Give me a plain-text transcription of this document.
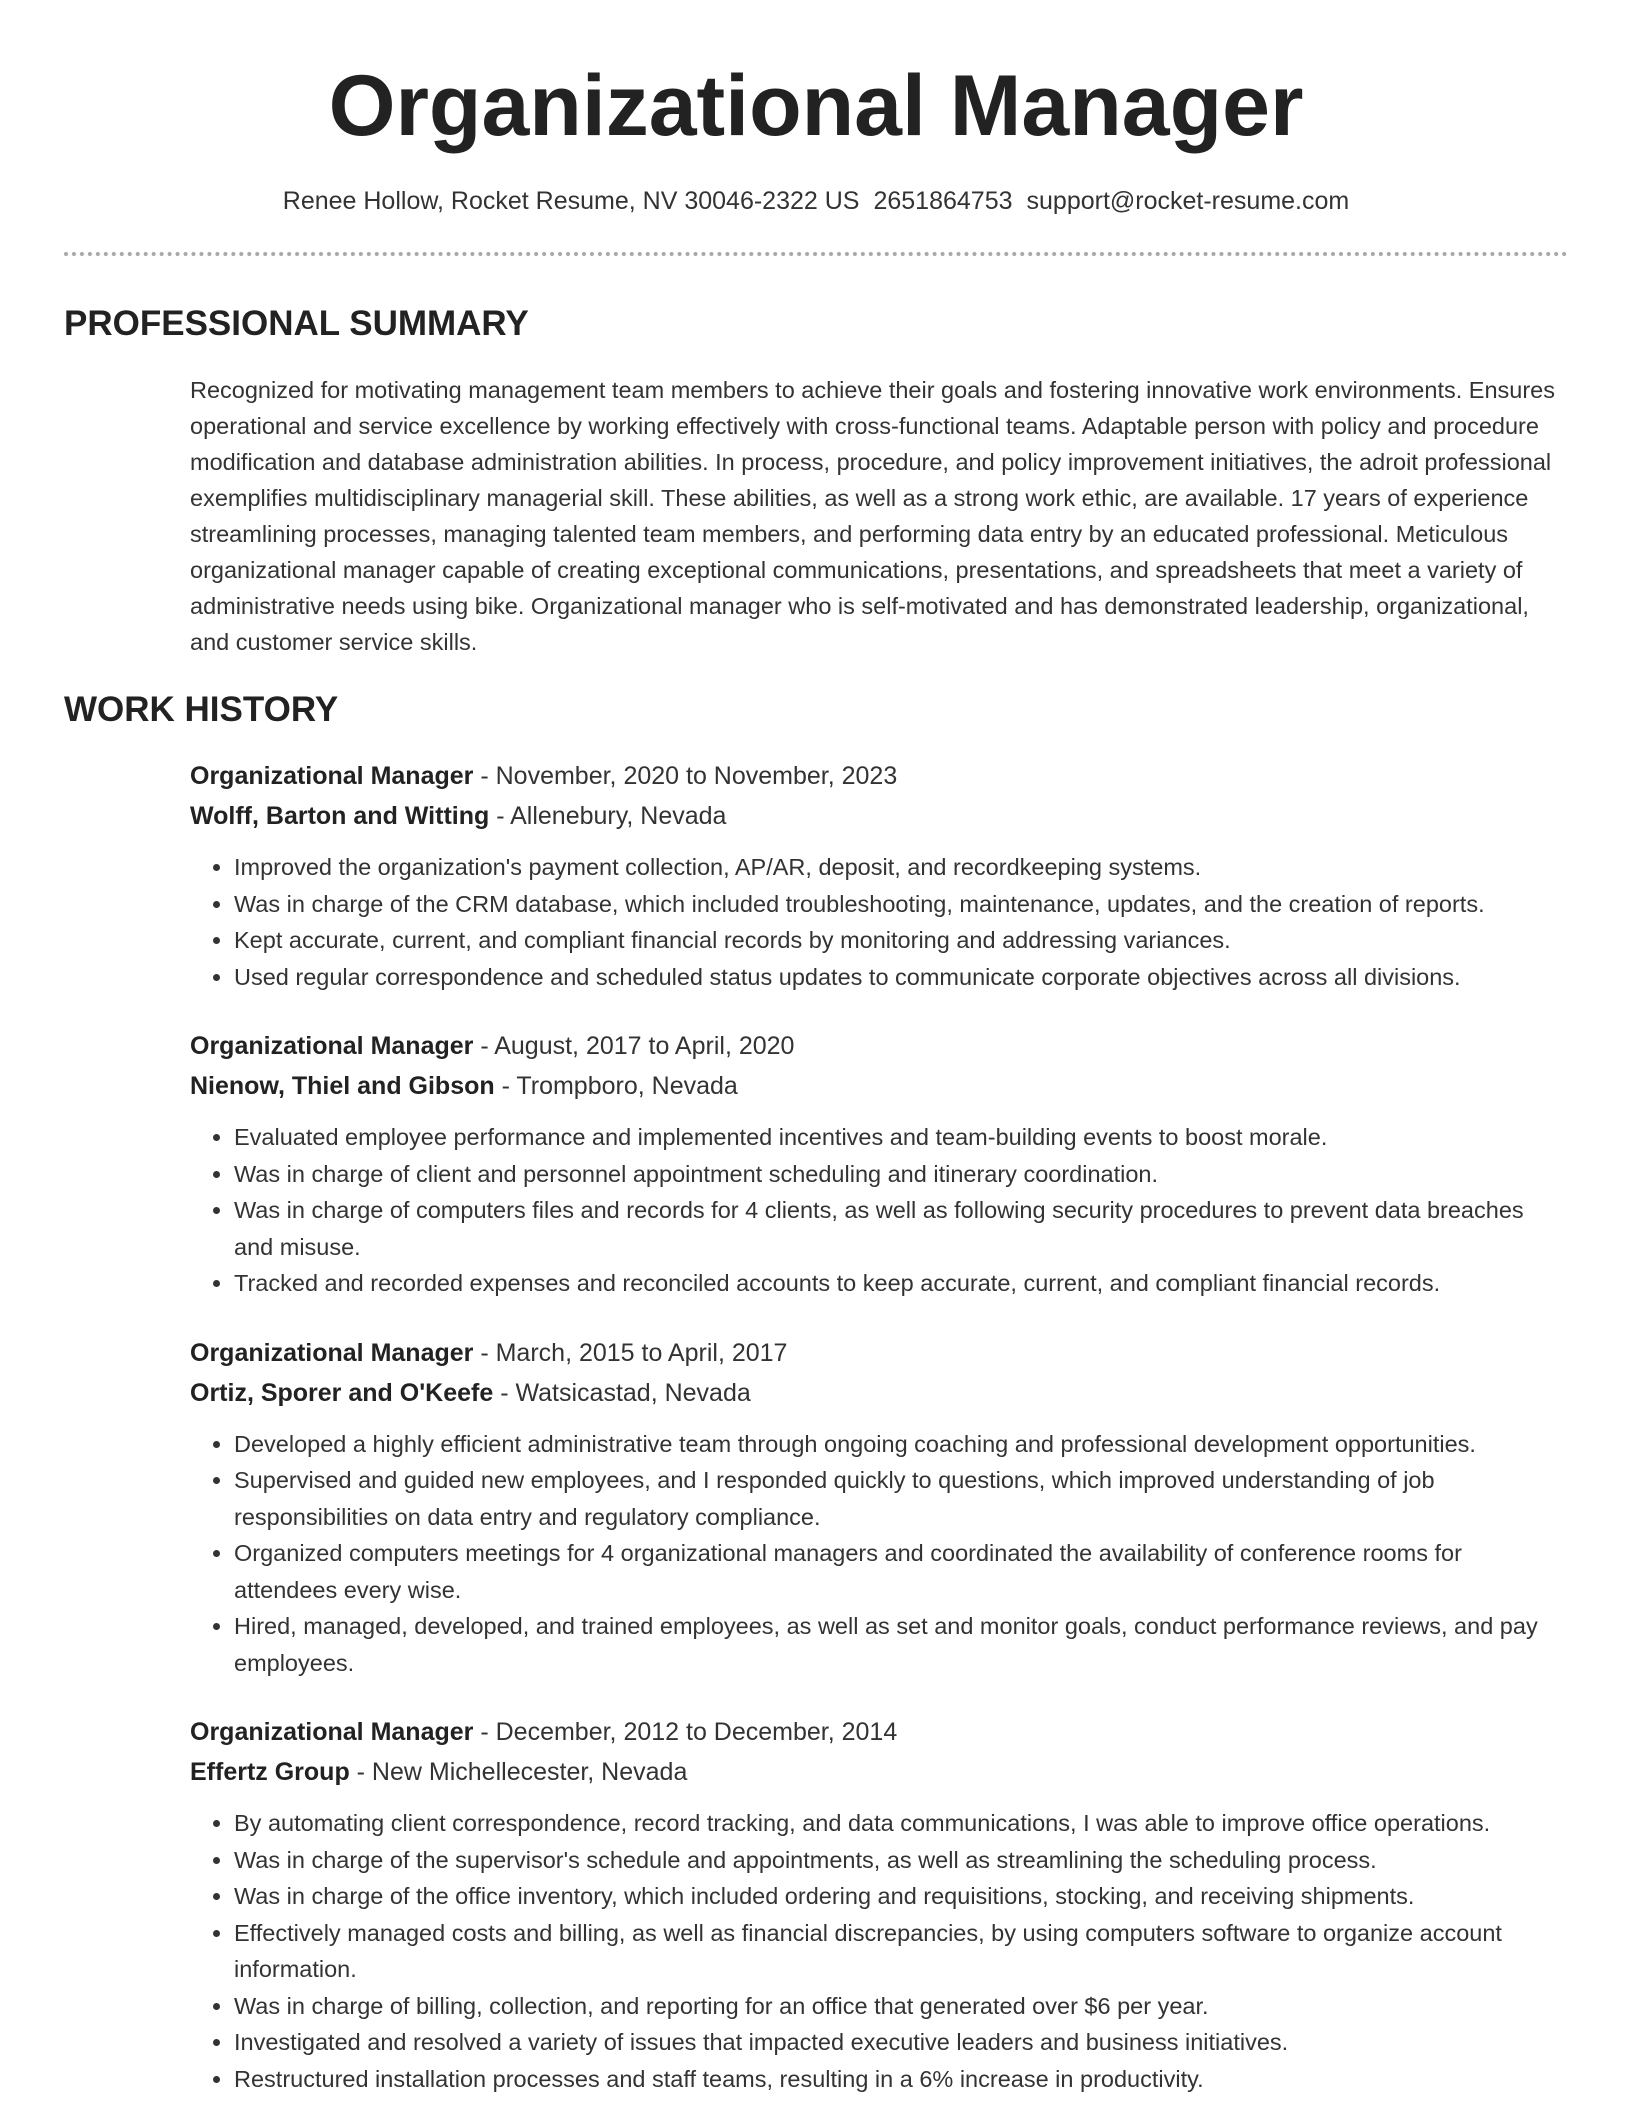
Organizational Manager
Renee Hollow, Rocket Resume, NV 30046-2322 US 2651864753 support@rocket-resume.com
PROFESSIONAL SUMMARY
Recognized for motivating management team members to achieve their goals and fostering innovative work environments. Ensures operational and service excellence by working effectively with cross-functional teams. Adaptable person with policy and procedure modification and database administration abilities. In process, procedure, and policy improvement initiatives, the adroit professional exemplifies multidisciplinary managerial skill. These abilities, as well as a strong work ethic, are available. 17 years of experience streamlining processes, managing talented team members, and performing data entry by an educated professional. Meticulous organizational manager capable of creating exceptional communications, presentations, and spreadsheets that meet a variety of administrative needs using bike. Organizational manager who is self-motivated and has demonstrated leadership, organizational, and customer service skills.
WORK HISTORY
Organizational Manager - November, 2020 to November, 2023
Wolff, Barton and Witting - Allenebury, Nevada
• Improved the organization's payment collection, AP/AR, deposit, and recordkeeping systems.
• Was in charge of the CRM database, which included troubleshooting, maintenance, updates, and the creation of reports.
• Kept accurate, current, and compliant financial records by monitoring and addressing variances.
• Used regular correspondence and scheduled status updates to communicate corporate objectives across all divisions.
Organizational Manager - August, 2017 to April, 2020
Nienow, Thiel and Gibson - Trompboro, Nevada
• Evaluated employee performance and implemented incentives and team-building events to boost morale.
• Was in charge of client and personnel appointment scheduling and itinerary coordination.
• Was in charge of computers files and records for 4 clients, as well as following security procedures to prevent data breaches and misuse.
• Tracked and recorded expenses and reconciled accounts to keep accurate, current, and compliant financial records.
Organizational Manager - March, 2015 to April, 2017
Ortiz, Sporer and O'Keefe - Watsicastad, Nevada
• Developed a highly efficient administrative team through ongoing coaching and professional development opportunities.
• Supervised and guided new employees, and I responded quickly to questions, which improved understanding of job responsibilities on data entry and regulatory compliance.
• Organized computers meetings for 4 organizational managers and coordinated the availability of conference rooms for attendees every wise.
• Hired, managed, developed, and trained employees, as well as set and monitor goals, conduct performance reviews, and pay employees.
Organizational Manager - December, 2012 to December, 2014
Effertz Group - New Michellecester, Nevada
• By automating client correspondence, record tracking, and data communications, I was able to improve office operations.
• Was in charge of the supervisor's schedule and appointments, as well as streamlining the scheduling process.
• Was in charge of the office inventory, which included ordering and requisitions, stocking, and receiving shipments.
• Effectively managed costs and billing, as well as financial discrepancies, by using computers software to organize account information.
• Was in charge of billing, collection, and reporting for an office that generated over $6 per year.
• Investigated and resolved a variety of issues that impacted executive leaders and business initiatives.
• Restructured installation processes and staff teams, resulting in a 6% increase in productivity.
